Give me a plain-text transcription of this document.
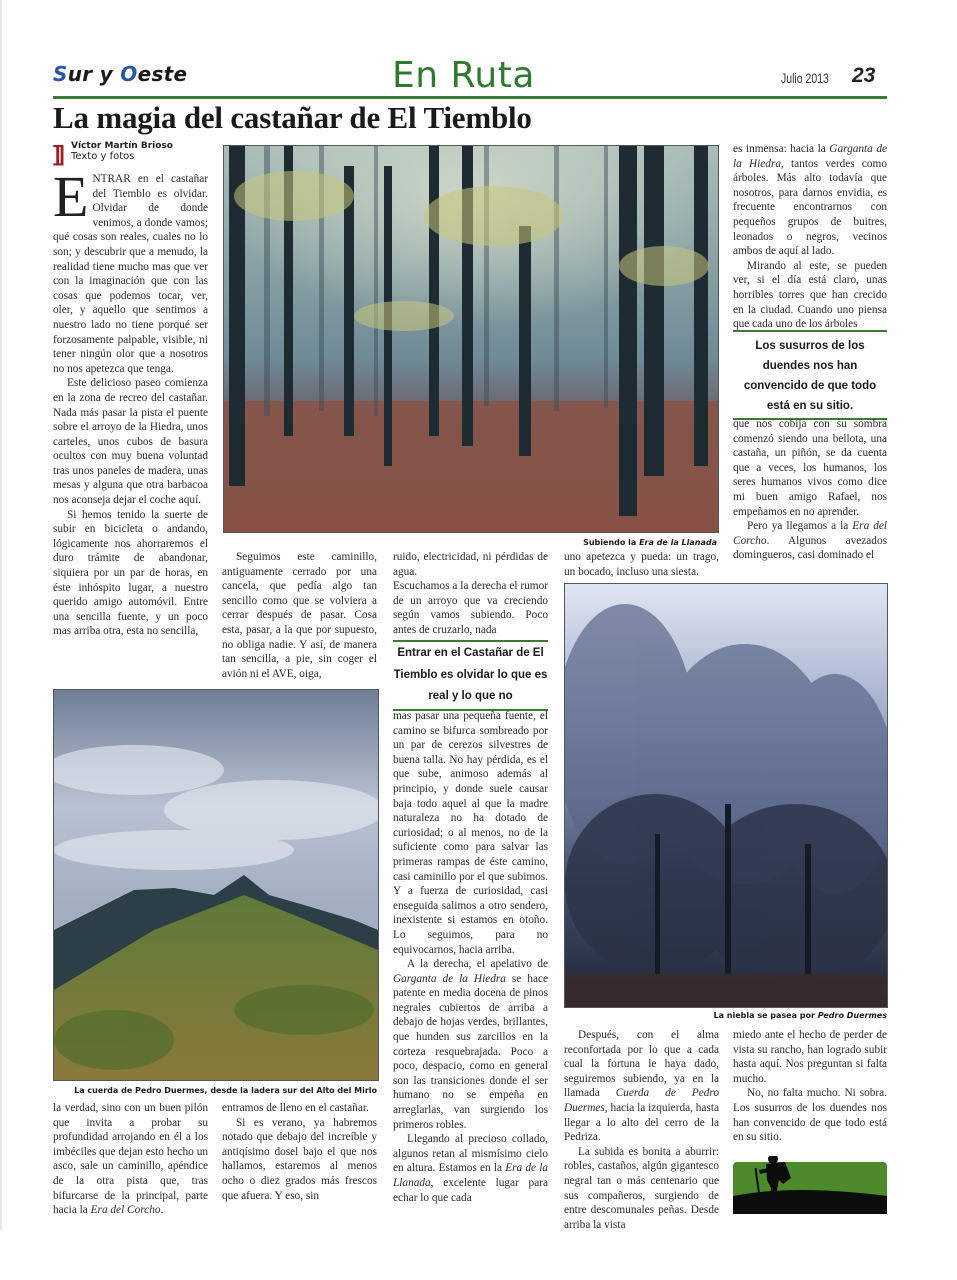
Sur y Oeste	En Ruta	Julio 2013 23
La magia del castañar de El Tiemblo
]] Víctor Martín Brioso
Texto y fotos

ENTRAR en el castañar del Tiemblo es olvidar. Olvidar de donde venimos, a donde vamos; qué cosas son reales, cuales no lo son; y descubrir que a menudo, la realidad tiene mucho mas que ver con la imaginación que con las cosas que podemos tocar, ver, oler, y aquello que sentimos a nuestro lado no tiene porqué ser forzosamente palpable, visible, ni tener ningún olor que a nosotros no nos apetezca que tenga.

Este delicioso paseo comienza en la zona de recreo del castañar. Nada más pasar la pista el puente sobre el arroyo de la Hiedra, unos carteles, unos cubos de basura ocultos con muy buena voluntad tras unos paneles de madera, unas mesas y alguna que otra barbacoa nos aconseja dejar el coche aquí.

Si hemos tenido la suerte de subir en bicicleta o andando, lógicamente nos ahorraremos el duro trámite de abandonar, siquiera por un par de horas, en éste inhóspito lugar, a nuestro querido amigo automóvil. Entre una sencilla fuente, y un poco mas arriba otra, esta no sencilla,

Subiendo la Era de la Llanada

es inmensa: hacia la Garganta de la Hiedra, tantos verdes como árboles. Más alto todavía que nosotros, para darnos envidia, es frecuente encontrarnos con pequeños grupos de buitres, leonados o negros, vecinos ambos de aquí al lado.

Mirando al este, se pueden ver, si el día está claro, unas horribles torres que han crecido en la ciudad. Cuando uno piensa que cada uno de los árboles

Los susurros de los duendes nos han convencido de que todo está en su sitio.

que nos cobija con su sombra comenzó siendo una bellota, una castaña, un piñón, se da cuenta que a veces, los humanos, los seres humanos vivos como dice mi buen amigo Rafael, nos empeñamos en no aprender.

Pero ya llegamos a la Era del Corcho. Algunos avezados domingueros, casi dominado el

Seguimos este caminillo, antiguamente cerrado por una cancela, que pedía algo tan sencillo como que se volviera a cerrar después de pasar. Cosa esta, pasar, a la que por supuesto, no obliga nadie. Y así, de manera tan sencilla, a pie, sin coger el avión ni el AVE, oiga,

ruido, electricidad, ni pérdidas de agua.

Escuchamos a la derecha el rumor de un arroyo que va creciendo según vamos subiendo. Poco antes de cruzarlo, nada

Entrar en el Castañar de El Tiemblo es olvidar lo que es real y lo que no

mas pasar una pequeña fuente, el camino se bifurca sombreado por un par de cerezos silvestres de buena talla. No hay pérdida, es el que sube, animoso además al principio, y donde suele causar baja todo aquel al que la madre naturaleza no ha dotado de curiosidad; o al menos, no de la suficiente como para salvar las primeras rampas de éste camino, casi caminillo por el que subimos. Y a fuerza de curiosidad, casi enseguida salimos a otro sendero, inexistente si estamos en otoño. Lo seguimos, para no equivocarnos, hacia arriba.

A la derecha, el apelativo de Garganta de la Hiedra se hace patente en media docena de pinos negrales cubiertos de arriba a debajo de hojas verdes, brillantes, que hunden sus zarcillos en la corteza resquebrajada. Poco a poco, despacio, como en general son las transiciones donde el ser humano no se empeña en arreglarlas, van surgiendo los primeros robles.

Llegando al precioso collado, algunos retan al mismísimo cielo en altura. Estamos en la Era de la Llanada, excelente lugar para echar lo que cada

uno apetezca y pueda: un trago, un bocado, incluso una siesta.

La niebla se pasea por Pedro Duermes
La cuerda de Pedro Duermes, desde la ladera sur del Alto del Mirlo

la verdad, sino con un buen pilón que invita a probar su profundidad arrojando en él a los imbéciles que dejan esto hecho un asco, sale un caminillo, apéndice de la otra pista que, tras bifurcarse de la principal, parte hacia la Era del Corcho.

entramos de lleno en el castañar.

Si es verano, ya habremos notado que debajo del increíble y antiqísimo dosel bajo el que nos hallamos, estaremos al menos ocho o diez grados más frescos que afuera. Y eso, sin

Después, con el alma reconfortada por lo que a cada cual la fortuna le haya dado, seguiremos subiendo, ya en la llamada Cuerda de Pedro Duermes, hacia la izquierda, hasta llegar a lo alto del cerro de la Pedriza.

La subida es bonita a aburrir: robles, castaños, algún gigantesco negral tan o más centenario que sus compañeros, surgiendo de entre descomunales peñas. Desde arriba la vista

miedo ante el hecho de perder de vista su rancho, han logrado subir hasta aquí. Nos preguntan si falta mucho.

No, no falta mucho. Ni sobra. Los susurros de los duendes nos han convencido de que todo está en su sitio.
